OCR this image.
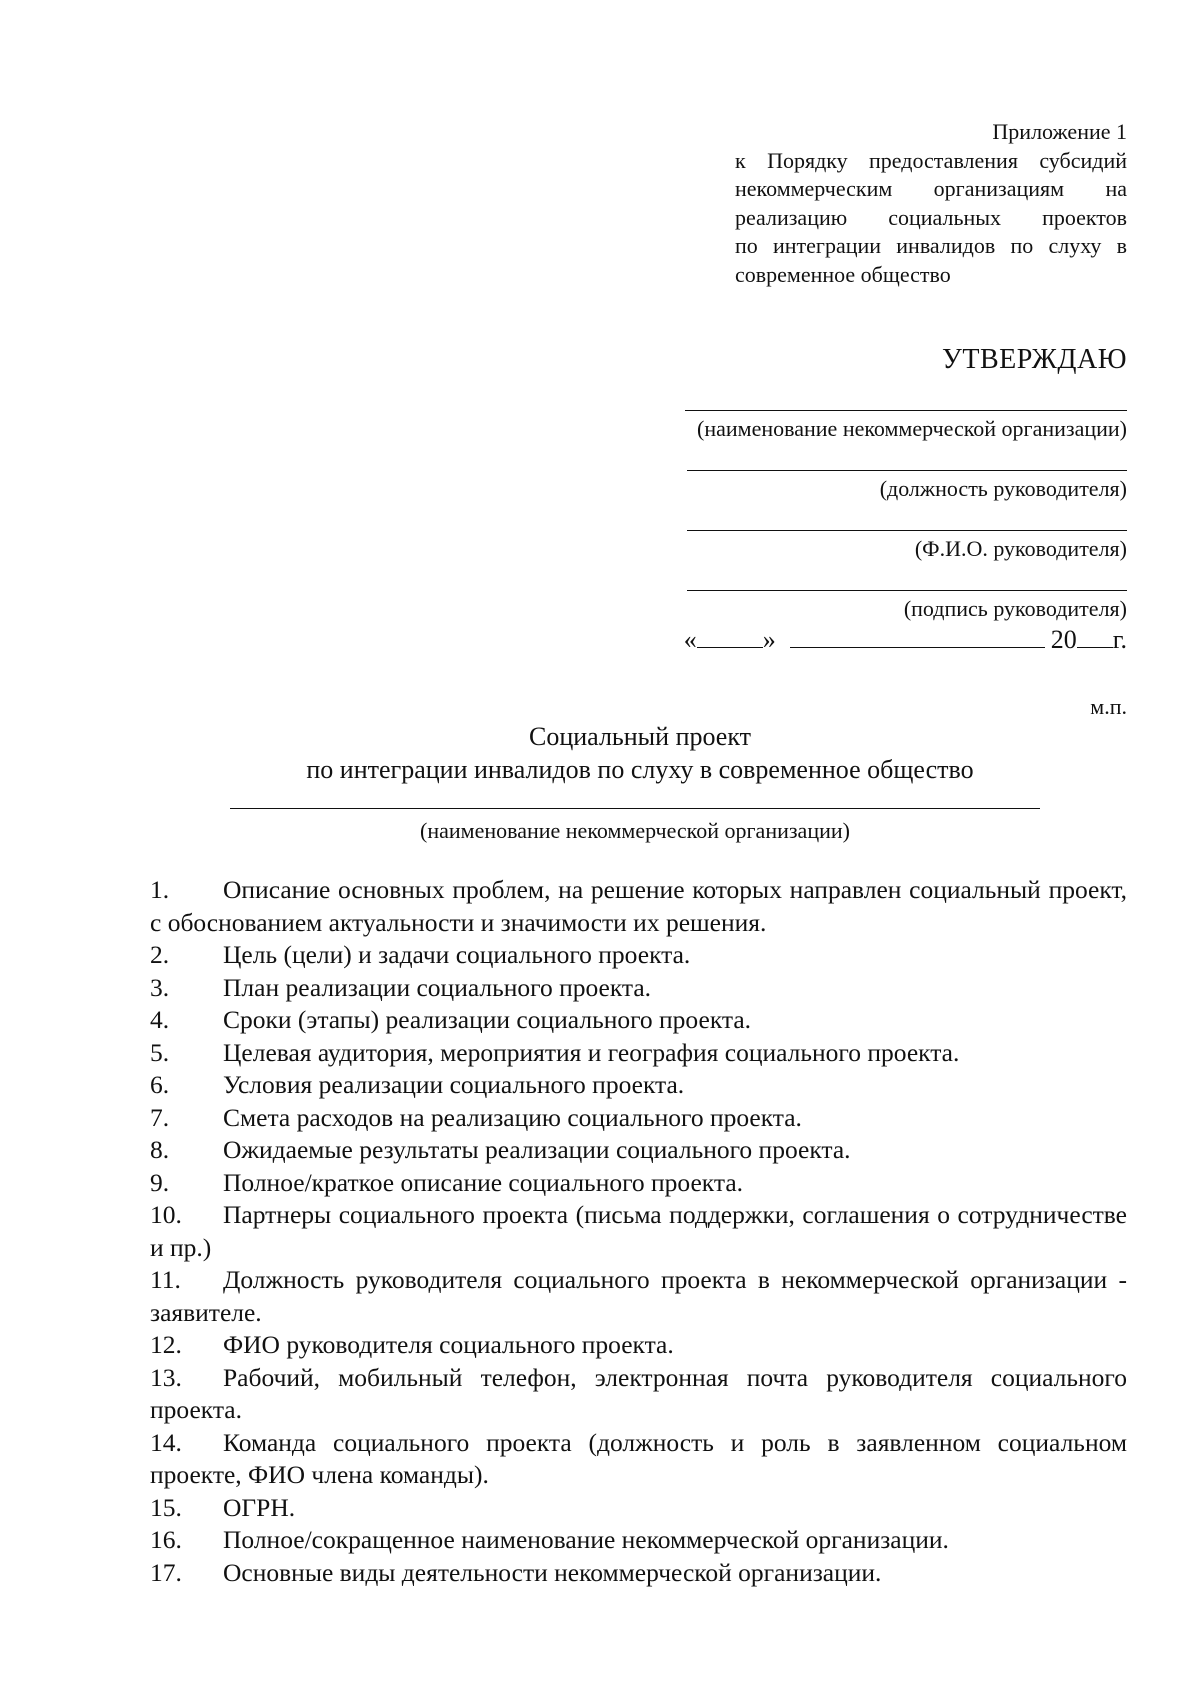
Приложение 1
к Порядку предоставления субсидий
некоммерческим организациям на
реализацию социальных проектов
по интеграции инвалидов по слуху в
современное общество
УТВЕРЖДАЮ
(наименование некоммерческой организации)
(должность руководителя)
(Ф.И.О. руководителя)
(подпись руководителя)
«	»	20 г.
м.п.
Социальный проект
по интеграции инвалидов по слуху в современное общество
(наименование некоммерческой организации)

1. Описание основных проблем, на решение которых направлен социальный проект, с обоснованием актуальности и значимости их решения.

2. Цель (цели) и задачи социального проекта.

3. План реализации социального проекта.

4. Сроки (этапы) реализации социального проекта.

5. Целевая аудитория, мероприятия и география социального проекта.

6. Условия реализации социального проекта.

7. Смета расходов на реализацию социального проекта.

8. Ожидаемые результаты реализации социального проекта.

9. Полное/краткое описание социального проекта.

10. Партнеры социального проекта (письма поддержки, соглашения о сотрудничестве и пр.)

11. Должность руководителя социального проекта в некоммерческой организации - заявителе.

12. ФИО руководителя социального проекта.

13. Рабочий, мобильный телефон, электронная почта руководителя социального проекта.

14. Команда социального проекта (должность и роль в заявленном социальном проекте, ФИО члена команды).

15. ОГРН.

16. Полное/сокращенное наименование некоммерческой организации.

17. Основные виды деятельности некоммерческой организации.
